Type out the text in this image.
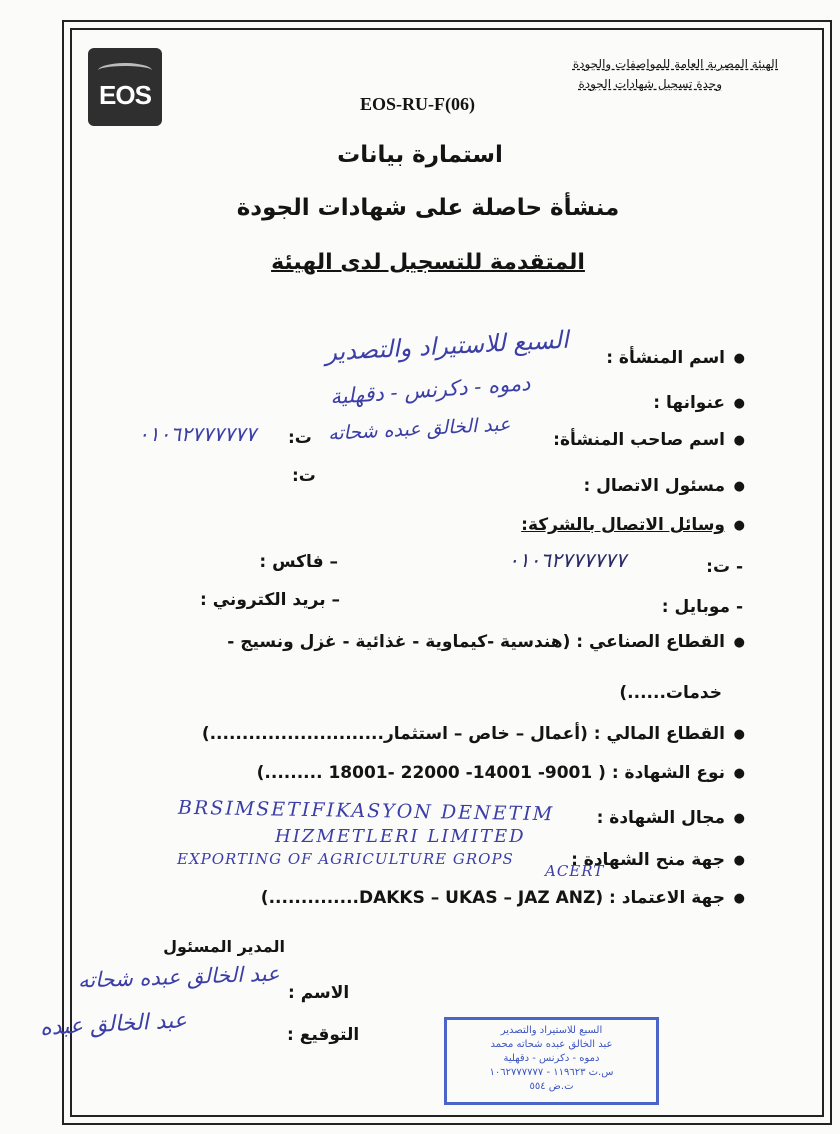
EOS
الهيئة المصرية العامة للمواصفات والجودة
وحدة تسجيل شهادات الجودة
EOS-RU-F(06)
استمارة بيانات
منشأة حاصلة على شهادات الجودة
المتقدمة للتسجيل لدى الهيئة
●اسم المنشأة :
●عنوانها :
●اسم صاحب المنشأة:
●مسئول الاتصال :
●وسائل الاتصال بالشركة:
ت:
ت:
- ت:
– فاكس :
- موبايل :
– بريد الكتروني :
●القطاع الصناعي : (هندسية -كيماوية - غذائية - غزل ونسيج -
خدمات......)
●القطاع المالي : (أعمال – خاص – استثمار...........................)
●نوع الشهادة : ( 9001- 14001- 22000 -18001 .........)
●مجال الشهادة :
●جهة منح الشهادة :
●جهة الاعتماد : (DAKKS – UKAS – JAZ ANZ..............)
السبع للاستيراد والتصدير
دموه - دكرنس - دقهلية
عبد الخالق عبده شحاته
٠١٠٦٢٧٧٧٧٧٧
٠١٠٦٢٧٧٧٧٧٧
BRSIMSETIFIKASYON DENETIM
HIZMETLERI LIMITED
EXPORTING OF AGRICULTURE GROPS
ACERT
المدير المسئول
الاسم :
التوقيع :
عبد الخالق عبده شحاته
عبد الخالق عبده	السبع للاستيراد والتصدير
عبد الخالق عبده شحاته محمد
دموه - دكرنس - دقهلية
س.ت ١١٩٦٢٣ - ١٠٦٢٧٧٧٧٧٧
ت.ض ٥٥٤
